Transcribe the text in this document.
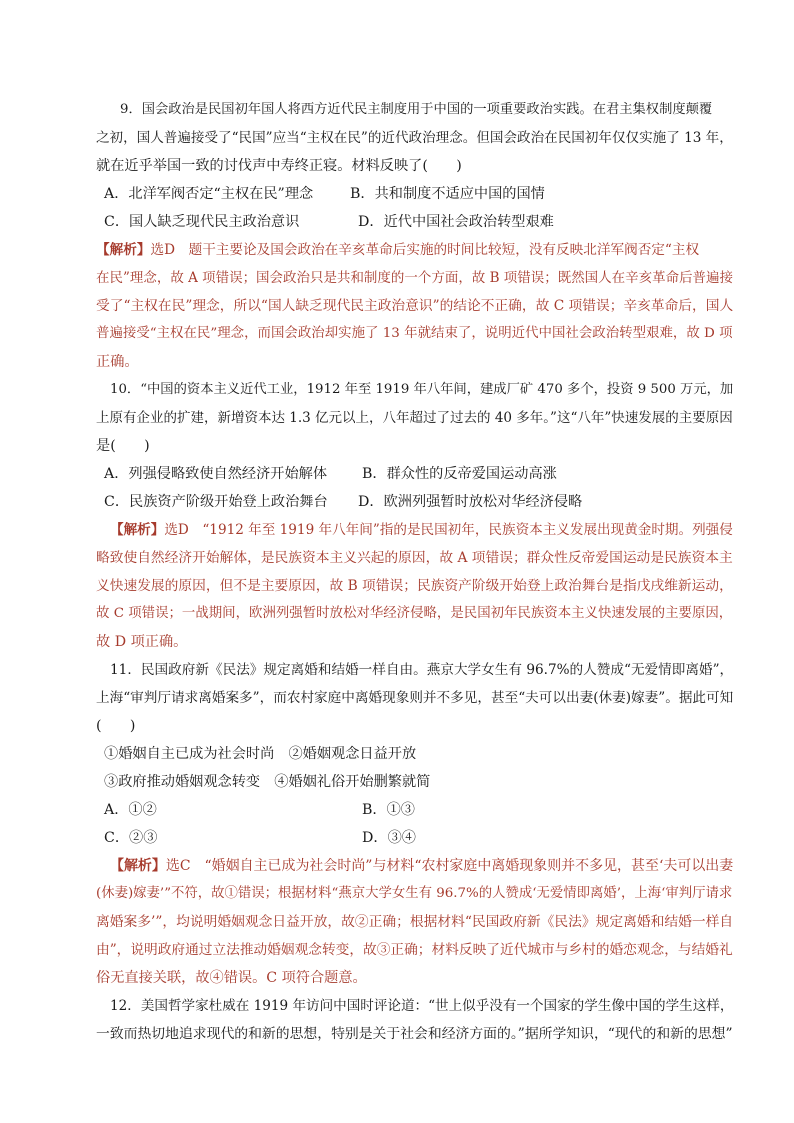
9．国会政治是民国初年国人将西方近代民主制度用于中国的一项重要政治实践。在君主集权制度颠覆

之初，国人普遍接受了“民国”应当“主权在民”的近代政治理念。但国会政治在民国初年仅仅实施了 13 年，

就在近乎举国一致的讨伐声中寿终正寝。材料反映了(　　)

A．北洋军阀否定“主权在民”理念	B．共和制度不适应中国的国情
C．国人缺乏现代民主政治意识	D．近代中国社会政治转型艰难

【解析】选D　题干主要论及国会政治在辛亥革命后实施的时间比较短，没有反映北洋军阀否定“主权

在民”理念，故 A 项错误；国会政治只是共和制度的一个方面，故 B 项错误；既然国人在辛亥革命后普遍接

受了“主权在民”理念，所以“国人缺乏现代民主政治意识”的结论不正确，故 C 项错误；辛亥革命后，国人

普遍接受“主权在民”理念，而国会政治却实施了 13 年就结束了，说明近代中国社会政治转型艰难，故 D 项

正确。

10．“中国的资本主义近代工业，1912 年至 1919 年八年间，建成厂矿 470 多个，投资 9 500 万元，加

上原有企业的扩建，新增资本达 1.3 亿元以上，八年超过了过去的 40 多年。”这“八年”快速发展的主要原因

是(　　)

A．列强侵略致使自然经济开始解体	B．群众性的反帝爱国运动高涨
C．民族资产阶级开始登上政治舞台	D．欧洲列强暂时放松对华经济侵略

【解析】选D　“1912 年至 1919 年八年间”指的是民国初年，民族资本主义发展出现黄金时期。列强侵

略致使自然经济开始解体，是民族资本主义兴起的原因，故 A 项错误；群众性反帝爱国运动是民族资本主

义快速发展的原因，但不是主要原因，故 B 项错误；民族资产阶级开始登上政治舞台是指戊戌维新运动，

故 C 项错误；一战期间，欧洲列强暂时放松对华经济侵略，是民国初年民族资本主义快速发展的主要原因，

故 D 项正确。

11．民国政府新《民法》规定离婚和结婚一样自由。燕京大学女生有 96.7%的人赞成“无爱情即离婚”，

上海“审判厅请求离婚案多”，而农村家庭中离婚现象则并不多见，甚至“夫可以出妻(休妻)嫁妻”。据此可知

(　　)

①婚姻自主已成为社会时尚　②婚姻观念日益开放

③政府推动婚姻观念转变　④婚姻礼俗开始删繁就简

A．①②	B．①③
C．②③	D．③④

【解析】选C　“婚姻自主已成为社会时尚”与材料“农村家庭中离婚现象则并不多见，甚至‘夫可以出妻

(休妻)嫁妻’”不符，故①错误；根据材料“燕京大学女生有 96.7%的人赞成‘无爱情即离婚’，上海‘审判厅请求

离婚案多’”，均说明婚姻观念日益开放，故②正确；根据材料“民国政府新《民法》规定离婚和结婚一样自

由”，说明政府通过立法推动婚姻观念转变，故③正确；材料反映了近代城市与乡村的婚恋观念，与结婚礼

俗无直接关联，故④错误。C 项符合题意。

12．美国哲学家杜威在 1919 年访问中国时评论道：“世上似乎没有一个国家的学生像中国的学生这样，

一致而热切地追求现代的和新的思想，特别是关于社会和经济方面的。”据所学知识，“现代的和新的思想”
